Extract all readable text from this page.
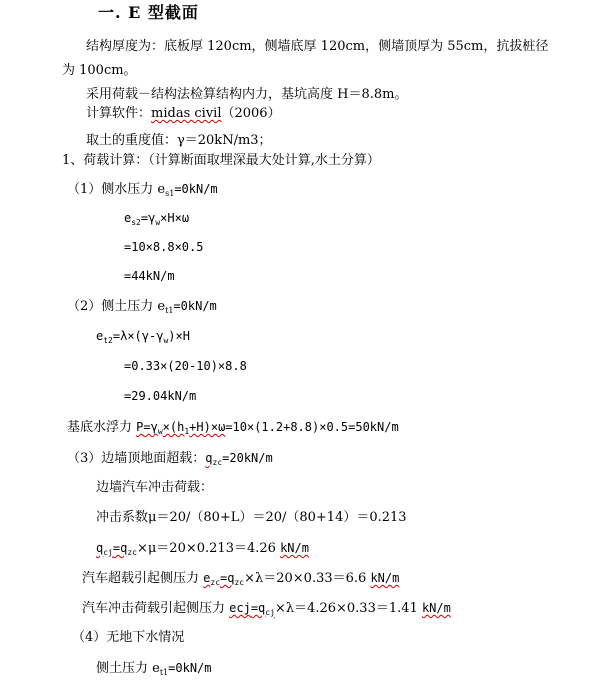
一. E 型截面
结构厚度为：底板厚 120cm，侧墙底厚 120cm，侧墙顶厚为 55cm，抗拔桩径
为 100cm。
采用荷载－结构法检算结构内力，基坑高度 H＝8.8m。
计算软件：midas civil（2006）
取土的重度值：γ＝20kN/m3；
1、荷载计算：（计算断面取埋深最大处计算,水土分算）
（1）侧水压力 $e_{s1}=0kN/m$
$e_{s2}=\gamma_w\times H\times\omega$
=10×8.8×0.5
=44kN/m
（2）侧土压力 $e_{t1}=0kN/m$
$e_{t2}=\lambda\times(\gamma-\gamma_w)\times H$
=0.33×(20-10)×8.8
=29.04kN/m
基底水浮力 $P=\gamma_w\times(h_1+H)\times\omega=10\times(1.2+8.8)\times 0.5=50kN/m$
（3）边墙顶地面超载：$q_{zc}=20kN/m$
边墙汽车冲击荷载：
冲击系数μ＝20/（80+L）＝20/（80+14）＝0.213
$q_{cj}=q_{zc}\times\mu=20\times 0.213=4.26$ kN/m
汽车超载引起侧压力 $e_{zc}=q_{zc}\times\lambda=20\times 0.33=6.6$ kN/m
汽车冲击荷载引起侧压力 $ecj=q_{cj}\times\lambda=4.26\times 0.33=1.41$ kN/m
（4）无地下水情况
侧土压力 $e_{t1}=0kN/m$
